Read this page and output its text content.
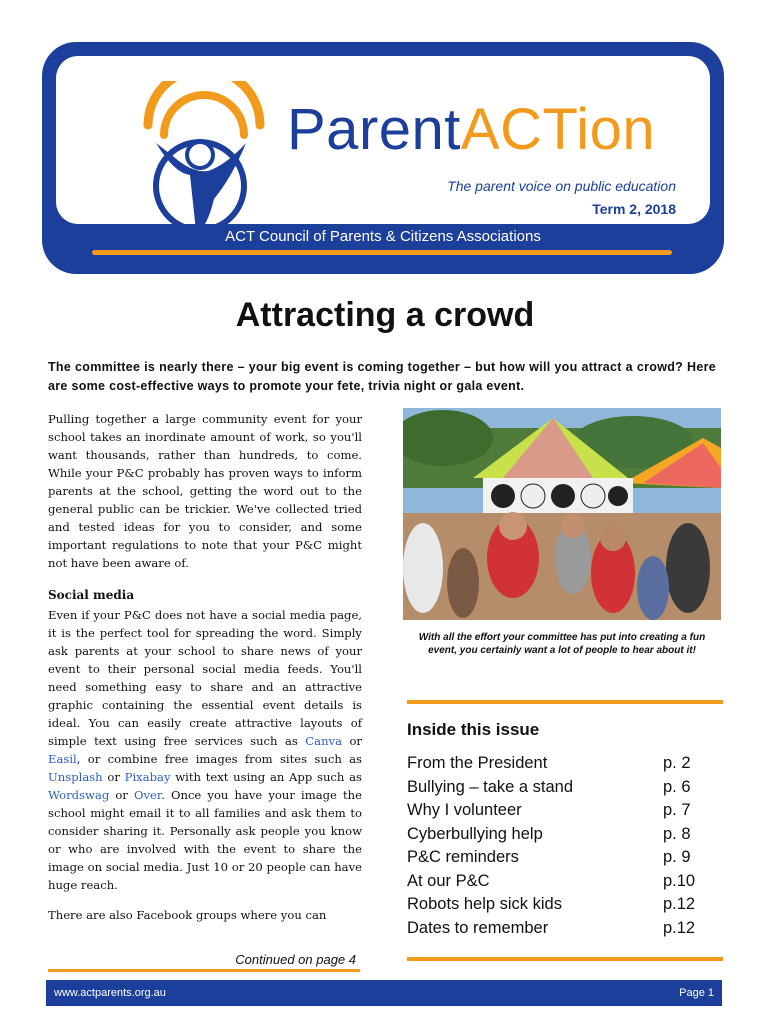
ParentACTion
The parent voice on public education
Term 2, 2018
ACT Council of Parents & Citizens Associations
Attracting a crowd
The committee is nearly there – your big event is coming together – but how will you attract a crowd? Here are some cost-effective ways to promote your fete, trivia night or gala event.

Pulling together a large community event for your school takes an inordinate amount of work, so you'll want thousands, rather than hundreds, to come. While your P&C probably has proven ways to inform parents at the school, getting the word out to the general public can be trickier. We've collected tried and tested ideas for you to consider, and some important regulations to note that your P&C might not have been aware of.

Social media

Even if your P&C does not have a social media page, it is the perfect tool for spreading the word. Simply ask parents at your school to share news of your event to their personal social media feeds. You'll need something easy to share and an attractive graphic containing the essential event details is ideal. You can easily create attractive layouts of simple text using free services such as Canva or Easil, or combine free images from sites such as Unsplash or Pixabay with text using an App such as Wordswag or Over. Once you have your image the school might email it to all families and ask them to consider sharing it. Personally ask people you know or who are involved with the event to share the image on social media. Just 10 or 20 people can have huge reach.

There are also Facebook groups where you can

Continued on page 4
With all the effort your committee has put into creating a fun event, you certainly want a lot of people to hear about it!
Inside this issue
From the President	p. 2
Bullying – take a stand	p. 6
Why I volunteer	p. 7
Cyberbullying help	p. 8
P&C reminders	p. 9
At our P&C	p.10
Robots help sick kids	p.12
Dates to remember	p.12
www.actparents.org.au	Page 1
